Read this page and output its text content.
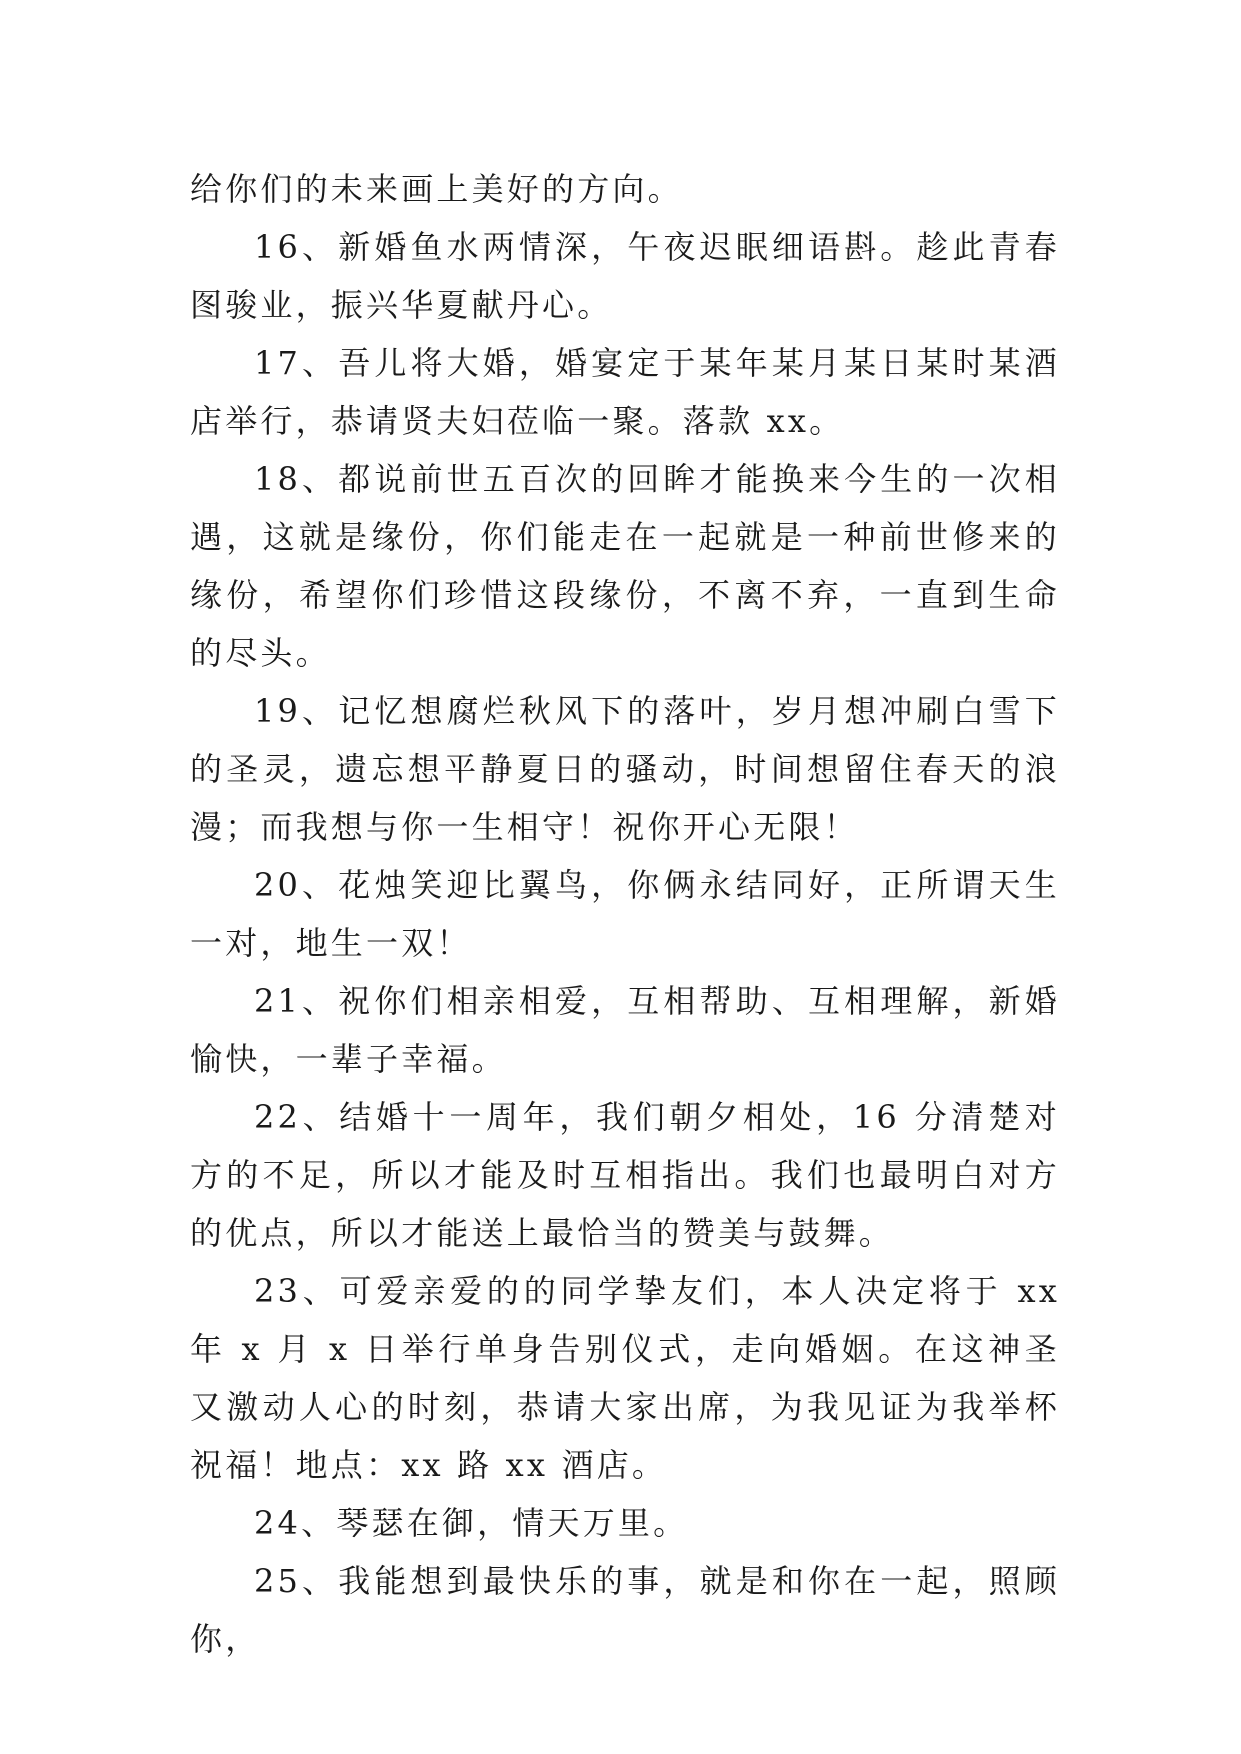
给你们的未来画上美好的方向。

16、新婚鱼水两情深，午夜迟眠细语斟。趁此青春图骏业，振兴华夏献丹心。

17、吾儿将大婚，婚宴定于某年某月某日某时某酒店举行，恭请贤夫妇莅临一聚。落款 xx。

18、都说前世五百次的回眸才能换来今生的一次相遇，这就是缘份，你们能走在一起就是一种前世修来的缘份，希望你们珍惜这段缘份，不离不弃，一直到生命的尽头。

19、记忆想腐烂秋风下的落叶，岁月想冲刷白雪下的圣灵，遗忘想平静夏日的骚动，时间想留住春天的浪漫；而我想与你一生相守！祝你开心无限！

20、花烛笑迎比翼鸟，你俩永结同好，正所谓天生一对，地生一双！

21、祝你们相亲相爱，互相帮助、互相理解，新婚愉快，一辈子幸福。

22、结婚十一周年，我们朝夕相处，16 分清楚对方的不足，所以才能及时互相指出。我们也最明白对方的优点，所以才能送上最恰当的赞美与鼓舞。

23、可爱亲爱的的同学挚友们，本人决定将于 xx 年 x 月 x 日举行单身告别仪式，走向婚姻。在这神圣又激动人心的时刻，恭请大家出席，为我见证为我举杯祝福！地点：xx 路 xx 酒店。

24、琴瑟在御，情天万里。

25、我能想到最快乐的事，就是和你在一起，照顾你，
